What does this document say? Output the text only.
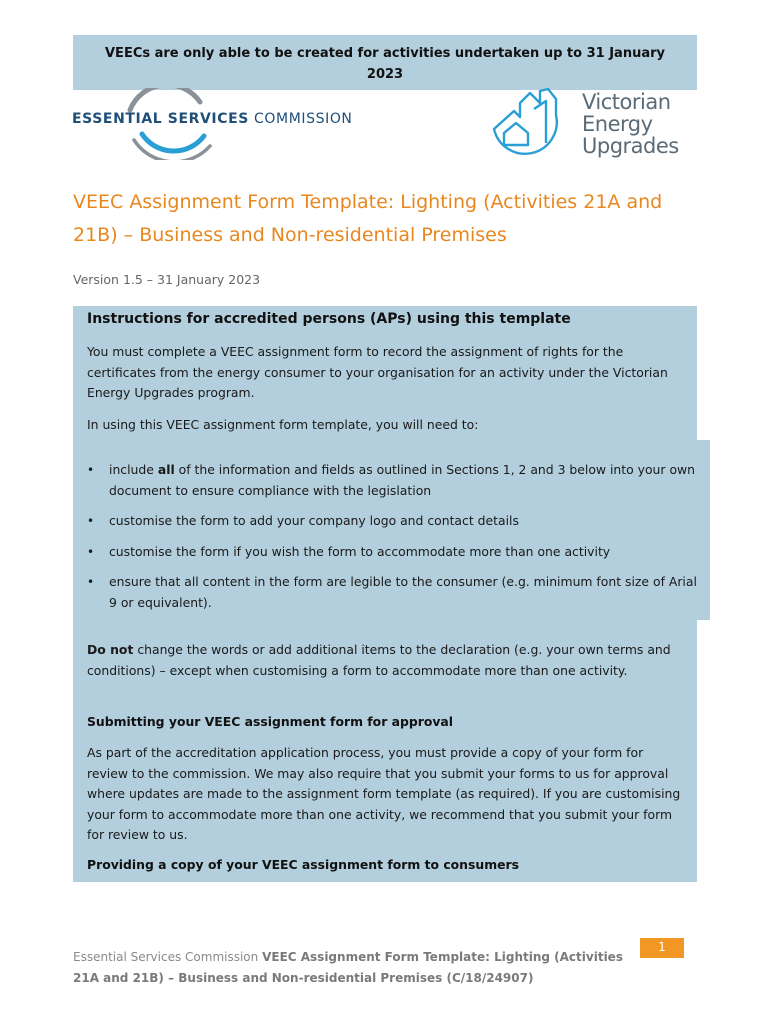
VEECs are only able to be created for activities undertaken up to 31 January 2023
ESSENTIAL SERVICES COMMISSION
Victorian
Energy
Upgrades
VEEC Assignment Form Template: Lighting (Activities 21A and 21B) – Business and Non-residential Premises
Version 1.5 – 31 January 2023
Instructions for accredited persons (APs) using this template
You must complete a VEEC assignment form to record the assignment of rights for the certificates from the energy consumer to your organisation for an activity under the Victorian Energy Upgrades program.
In using this VEEC assignment form template, you will need to:
• include all of the information and fields as outlined in Sections 1, 2 and 3 below into your own document to ensure compliance with the legislation
• customise the form to add your company logo and contact details
• customise the form if you wish the form to accommodate more than one activity
• ensure that all content in the form are legible to the consumer (e.g. minimum font size of Arial 9 or equivalent).
Do not change the words or add additional items to the declaration (e.g. your own terms and conditions) – except when customising a form to accommodate more than one activity.
Submitting your VEEC assignment form for approval
As part of the accreditation application process, you must provide a copy of your form for review to the commission. We may also require that you submit your forms to us for approval where updates are made to the assignment form template (as required). If you are customising your form to accommodate more than one activity, we recommend that you submit your form for review to us.
Providing a copy of your VEEC assignment form to consumers
Essential Services Commission VEEC Assignment Form Template: Lighting (Activities 21A and 21B) – Business and Non-residential Premises (C/18/24907)
1
